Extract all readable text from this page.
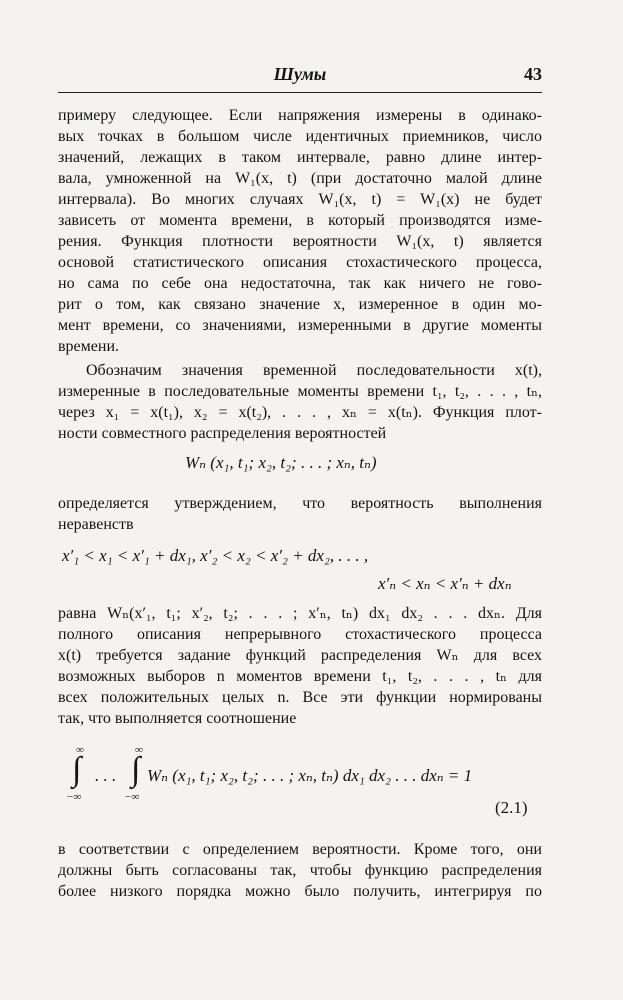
Шумы	43
примеру следующее. Если напряжения измерены в одинако-
вых точках в большом числе идентичных приемников, число
значений, лежащих в таком интервале, равно длине интер-
вала, умноженной на W₁(x, t) (при достаточно малой длине
интервала). Во многих случаях W₁(x, t) = W₁(x) не будет
зависеть от момента времени, в который производятся изме-
рения. Функция плотности вероятности W₁(x, t) является
основой статистического описания стохастического процесса,
но сама по себе она недостаточна, так как ничего не гово-
рит о том, как связано значение x, измеренное в один мо-
мент времени, со значениями, измеренными в другие моменты
времени.
Обозначим значения временной последовательности x(t),
измеренные в последовательные моменты времени t₁, t₂, . . . , tₙ,
через x₁ = x(t₁), x₂ = x(t₂), . . . , xₙ = x(tₙ). Функция плот-
ности совместного распределения вероятностей
Wₙ (x₁, t₁; x₂, t₂; . . . ; xₙ, tₙ)
определяется утверждением, что вероятность выполнения
неравенств
x′₁ < x₁ < x′₁ + dx₁, x′₂ < x₂ < x′₂ + dx₂, . . . ,
x′ₙ < xₙ < x′ₙ + dxₙ
равна Wₙ(x′₁, t₁; x′₂, t₂; . . . ; x′ₙ, tₙ) dx₁ dx₂ . . . dxₙ. Для
полного описания непрерывного стохастического процесса
x(t) требуется задание функций распределения Wₙ для всех
возможных выборов n моментов времени t₁, t₂, . . . , tₙ для
всех положительных целых n. Все эти функции нормированы
так, что выполняется соотношение
∞
∫
−∞
. . .
∞
∫
−∞
Wₙ (x₁, t₁; x₂, t₂; . . . ; xₙ, tₙ) dx₁ dx₂ . . . dxₙ = 1
(2.1)
в соответствии с определением вероятности. Кроме того, они
должны быть согласованы так, чтобы функцию распределения
более низкого порядка можно было получить, интегрируя по
